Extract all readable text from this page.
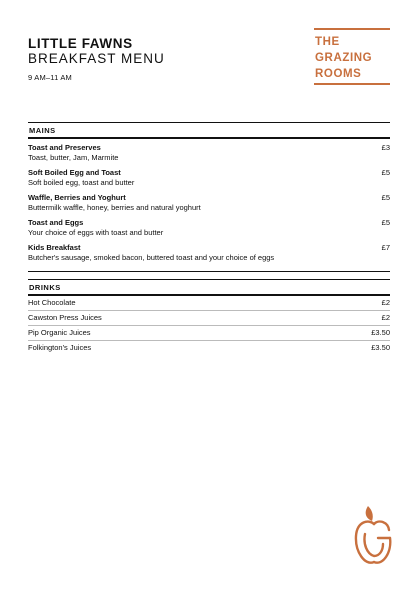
LITTLE FAWNS
BREAKFAST MENU
9 AM–11 AM
THE
GRAZING
ROOMS
MAINS
Toast and Preserves
Toast, butter, Jam, Marmite
£3
Soft Boiled Egg and Toast
Soft boiled egg, toast and butter
£5
Waffle, Berries and Yoghurt
Buttermilk waffle, honey, berries and natural yoghurt
£5
Toast and Eggs
Your choice of eggs with toast and butter
£5
Kids Breakfast
Butcher's sausage, smoked bacon, buttered toast and your choice of eggs
£7
DRINKS
Hot Chocolate	£2
Cawston Press Juices	£2
Pip Organic Juices	£3.50
Folkington's Juices	£3.50
